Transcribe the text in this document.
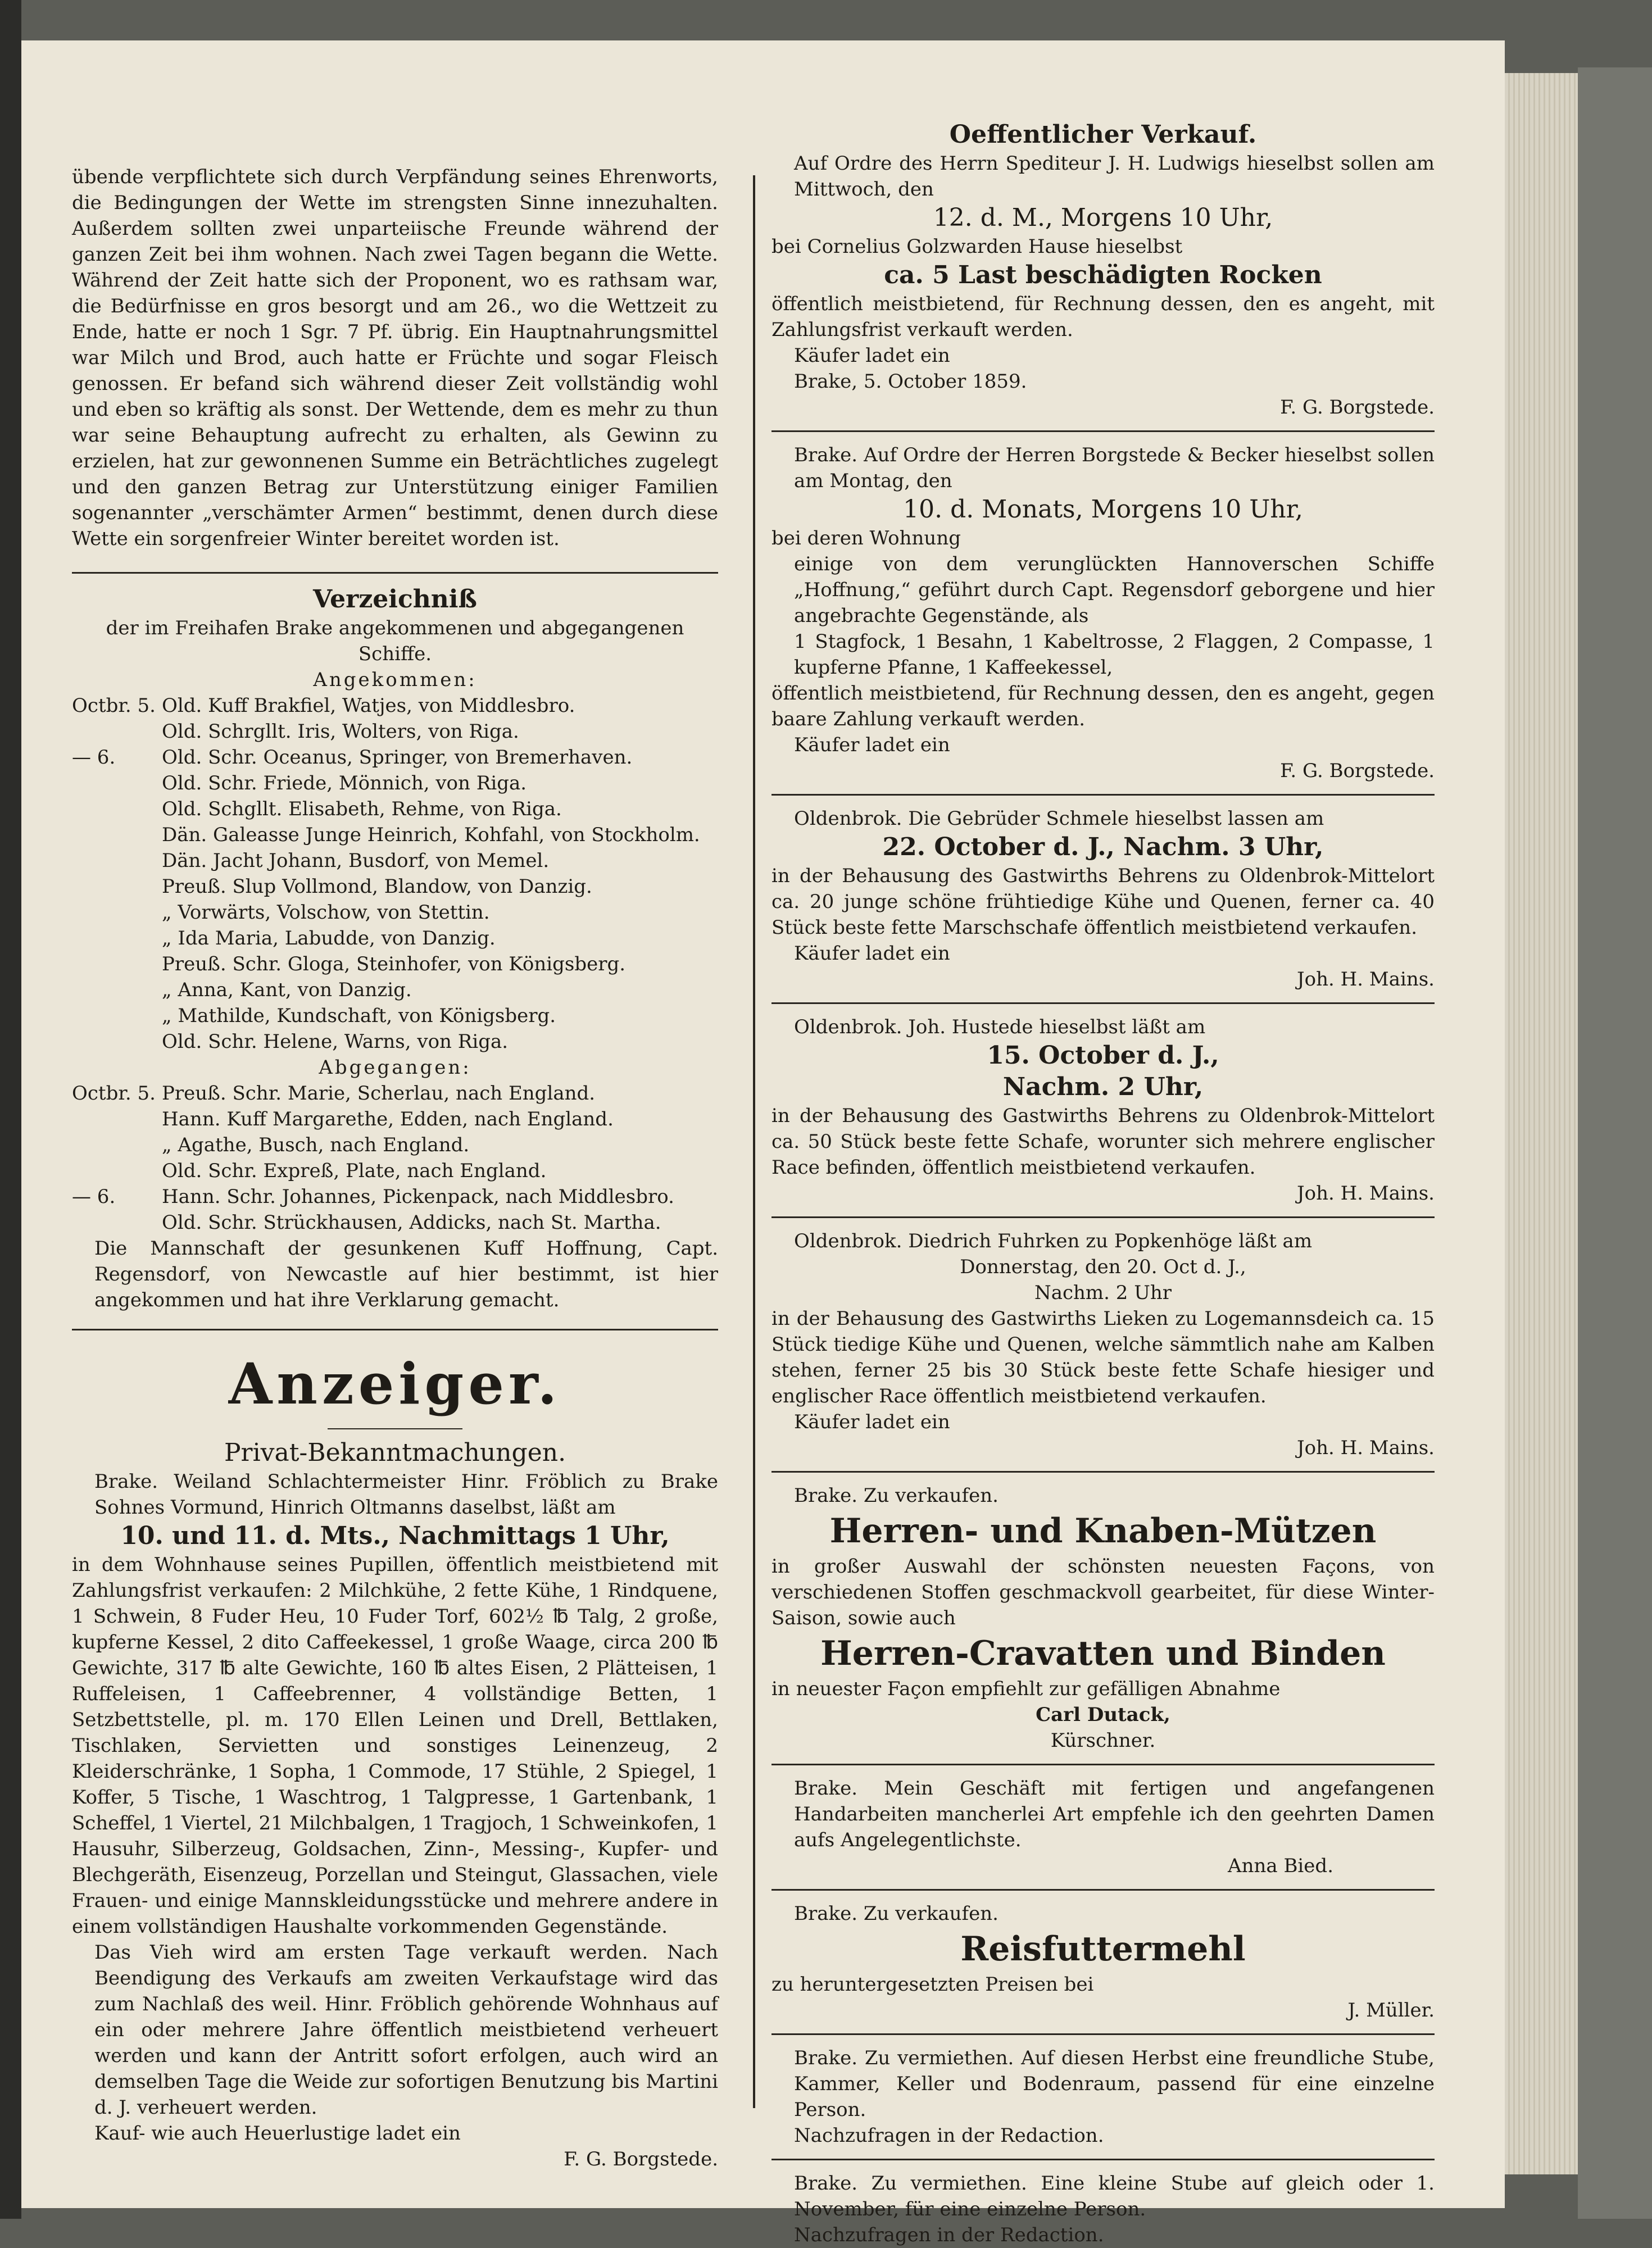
übende verpflichtete sich durch Verpfändung seines Ehrenworts, die Bedingungen der Wette im strengsten Sinne innezuhalten. Außerdem sollten zwei unparteiische Freunde während der ganzen Zeit bei ihm wohnen. Nach zwei Tagen begann die Wette. Während der Zeit hatte sich der Proponent, wo es rathsam war, die Bedürfnisse en gros besorgt und am 26., wo die Wettzeit zu Ende, hatte er noch 1 Sgr. 7 Pf. übrig. Ein Hauptnahrungsmittel war Milch und Brod, auch hatte er Früchte und sogar Fleisch genossen. Er befand sich während dieser Zeit vollständig wohl und eben so kräftig als sonst. Der Wettende, dem es mehr zu thun war seine Behauptung aufrecht zu erhalten, als Gewinn zu erzielen, hat zur gewonnenen Summe ein Beträchtliches zugelegt und den ganzen Betrag zur Unterstützung einiger Familien sogenannter „verschämter Armen“ bestimmt, denen durch diese Wette ein sorgenfreier Winter bereitet worden ist.

Verzeichniß

der im Freihafen Brake angekommenen und abgegangenen Schiffe.

Angekommen:

Octbr. 5. Old. Kuff Brakfiel, Watjes, von Middlesbro.
Old. Schrgllt. Iris, Wolters, von Riga.
— 6.	Old. Schr. Oceanus, Springer, von Bremerhaven.
Old. Schr. Friede, Mönnich, von Riga.
Old. Schgllt. Elisabeth, Rehme, von Riga.
Dän. Galeasse Junge Heinrich, Kohfahl, von Stockholm.
Dän. Jacht Johann, Busdorf, von Memel.
Preuß. Slup Vollmond, Blandow, von Danzig.
„ Vorwärts, Volschow, von Stettin.
„ Ida Maria, Labudde, von Danzig.
Preuß. Schr. Gloga, Steinhofer, von Königsberg.
„ Anna, Kant, von Danzig.
„ Mathilde, Kundschaft, von Königsberg.
Old. Schr. Helene, Warns, von Riga.

Abgegangen:

Octbr. 5. Preuß. Schr. Marie, Scherlau, nach England.
Hann. Kuff Margarethe, Edden, nach England.
„ Agathe, Busch, nach England.
Old. Schr. Expreß, Plate, nach England.
— 6.	Hann. Schr. Johannes, Pickenpack, nach Middlesbro.
Old. Schr. Strückhausen, Addicks, nach St. Martha.

Die Mannschaft der gesunkenen Kuff Hoffnung, Capt. Regensdorf, von Newcastle auf hier bestimmt, ist hier angekommen und hat ihre Verklarung gemacht.

Anzeiger.

Privat-Bekanntmachungen.

Brake. Weiland Schlachtermeister Hinr. Fröblich zu Brake Sohnes Vormund, Hinrich Oltmanns daselbst, läßt am

10. und 11. d. Mts., Nachmittags 1 Uhr,

in dem Wohnhause seines Pupillen, öffentlich meistbietend mit Zahlungsfrist verkaufen: 2 Milchkühe, 2 fette Kühe, 1 Rindquene, 1 Schwein, 8 Fuder Heu, 10 Fuder Torf, 602½ ℔ Talg, 2 große, kupferne Kessel, 2 dito Caffeekessel, 1 große Waage, circa 200 ℔ Gewichte, 317 ℔ alte Gewichte, 160 ℔ altes Eisen, 2 Plätteisen, 1 Ruffeleisen, 1 Caffeebrenner, 4 vollständige Betten, 1 Setzbettstelle, pl. m. 170 Ellen Leinen und Drell, Bettlaken, Tischlaken, Servietten und sonstiges Leinenzeug, 2 Kleiderschränke, 1 Sopha, 1 Commode, 17 Stühle, 2 Spiegel, 1 Koffer, 5 Tische, 1 Waschtrog, 1 Talgpresse, 1 Gartenbank, 1 Scheffel, 1 Viertel, 21 Milchbalgen, 1 Tragjoch, 1 Schweinkofen, 1 Hausuhr, Silberzeug, Goldsachen, Zinn-, Messing-, Kupfer- und Blechgeräth, Eisenzeug, Porzellan und Steingut, Glassachen, viele Frauen- und einige Mannskleidungsstücke und mehrere andere in einem vollständigen Haushalte vorkommenden Gegenstände.

Das Vieh wird am ersten Tage verkauft werden. Nach Beendigung des Verkaufs am zweiten Verkaufstage wird das zum Nachlaß des weil. Hinr. Fröblich gehörende Wohnhaus auf ein oder mehrere Jahre öffentlich meistbietend verheuert werden und kann der Antritt sofort erfolgen, auch wird an demselben Tage die Weide zur sofortigen Benutzung bis Martini d. J. verheuert werden.

Kauf- wie auch Heuerlustige ladet ein

F. G. Borgstede.

Oeffentlicher Verkauf.

Auf Ordre des Herrn Spediteur J. H. Ludwigs hieselbst sollen am Mittwoch, den

12. d. M., Morgens 10 Uhr,

bei Cornelius Golzwarden Hause hieselbst

ca. 5 Last beschädigten Rocken

öffentlich meistbietend, für Rechnung dessen, den es angeht, mit Zahlungsfrist verkauft werden.

Käufer ladet ein

Brake, 5. October 1859.

F. G. Borgstede.

Brake. Auf Ordre der Herren Borgstede & Becker hieselbst sollen am Montag, den

10. d. Monats, Morgens 10 Uhr,

bei deren Wohnung

einige von dem verunglückten Hannoverschen Schiffe „Hoffnung,“ geführt durch Capt. Regensdorf geborgene und hier angebrachte Gegenstände, als

1 Stagfock, 1 Besahn, 1 Kabeltrosse, 2 Flaggen, 2 Compasse, 1 kupferne Pfanne, 1 Kaffeekessel,

öffentlich meistbietend, für Rechnung dessen, den es angeht, gegen baare Zahlung verkauft werden.

Käufer ladet ein

F. G. Borgstede.

Oldenbrok. Die Gebrüder Schmele hieselbst lassen am

22. October d. J., Nachm. 3 Uhr,

in der Behausung des Gastwirths Behrens zu Oldenbrok-Mittelort ca. 20 junge schöne frühtiedige Kühe und Quenen, ferner ca. 40 Stück beste fette Marschschafe öffentlich meistbietend verkaufen.

Käufer ladet ein

Joh. H. Mains.

Oldenbrok. Joh. Hustede hieselbst läßt am

15. October d. J.,

Nachm. 2 Uhr,

in der Behausung des Gastwirths Behrens zu Oldenbrok-Mittelort ca. 50 Stück beste fette Schafe, worunter sich mehrere englischer Race befinden, öffentlich meistbietend verkaufen.

Joh. H. Mains.

Oldenbrok. Diedrich Fuhrken zu Popkenhöge läßt am

Donnerstag, den 20. Oct d. J.,

Nachm. 2 Uhr

in der Behausung des Gastwirths Lieken zu Logemannsdeich ca. 15 Stück tiedige Kühe und Quenen, welche sämmtlich nahe am Kalben stehen, ferner 25 bis 30 Stück beste fette Schafe hiesiger und englischer Race öffentlich meistbietend verkaufen.

Käufer ladet ein

Joh. H. Mains.

Brake. Zu verkaufen.

Herren- und Knaben-Mützen

in großer Auswahl der schönsten neuesten Façons, von verschiedenen Stoffen geschmackvoll gearbeitet, für diese Winter-Saison, sowie auch

Herren-Cravatten und Binden

in neuester Façon empfiehlt zur gefälligen Abnahme

Carl Dutack,

Kürschner.

Brake. Mein Geschäft mit fertigen und angefangenen Handarbeiten mancherlei Art empfehle ich den geehrten Damen aufs Angelegentlichste.

Anna Bied.

Brake. Zu verkaufen.

Reisfuttermehl

zu heruntergesetzten Preisen bei

J. Müller.

Brake. Zu vermiethen. Auf diesen Herbst eine freundliche Stube, Kammer, Keller und Bodenraum, passend für eine einzelne Person.

Nachzufragen in der Redaction.

Brake. Zu vermiethen. Eine kleine Stube auf gleich oder 1. November, für eine einzelne Person.

Nachzufragen in der Redaction.
